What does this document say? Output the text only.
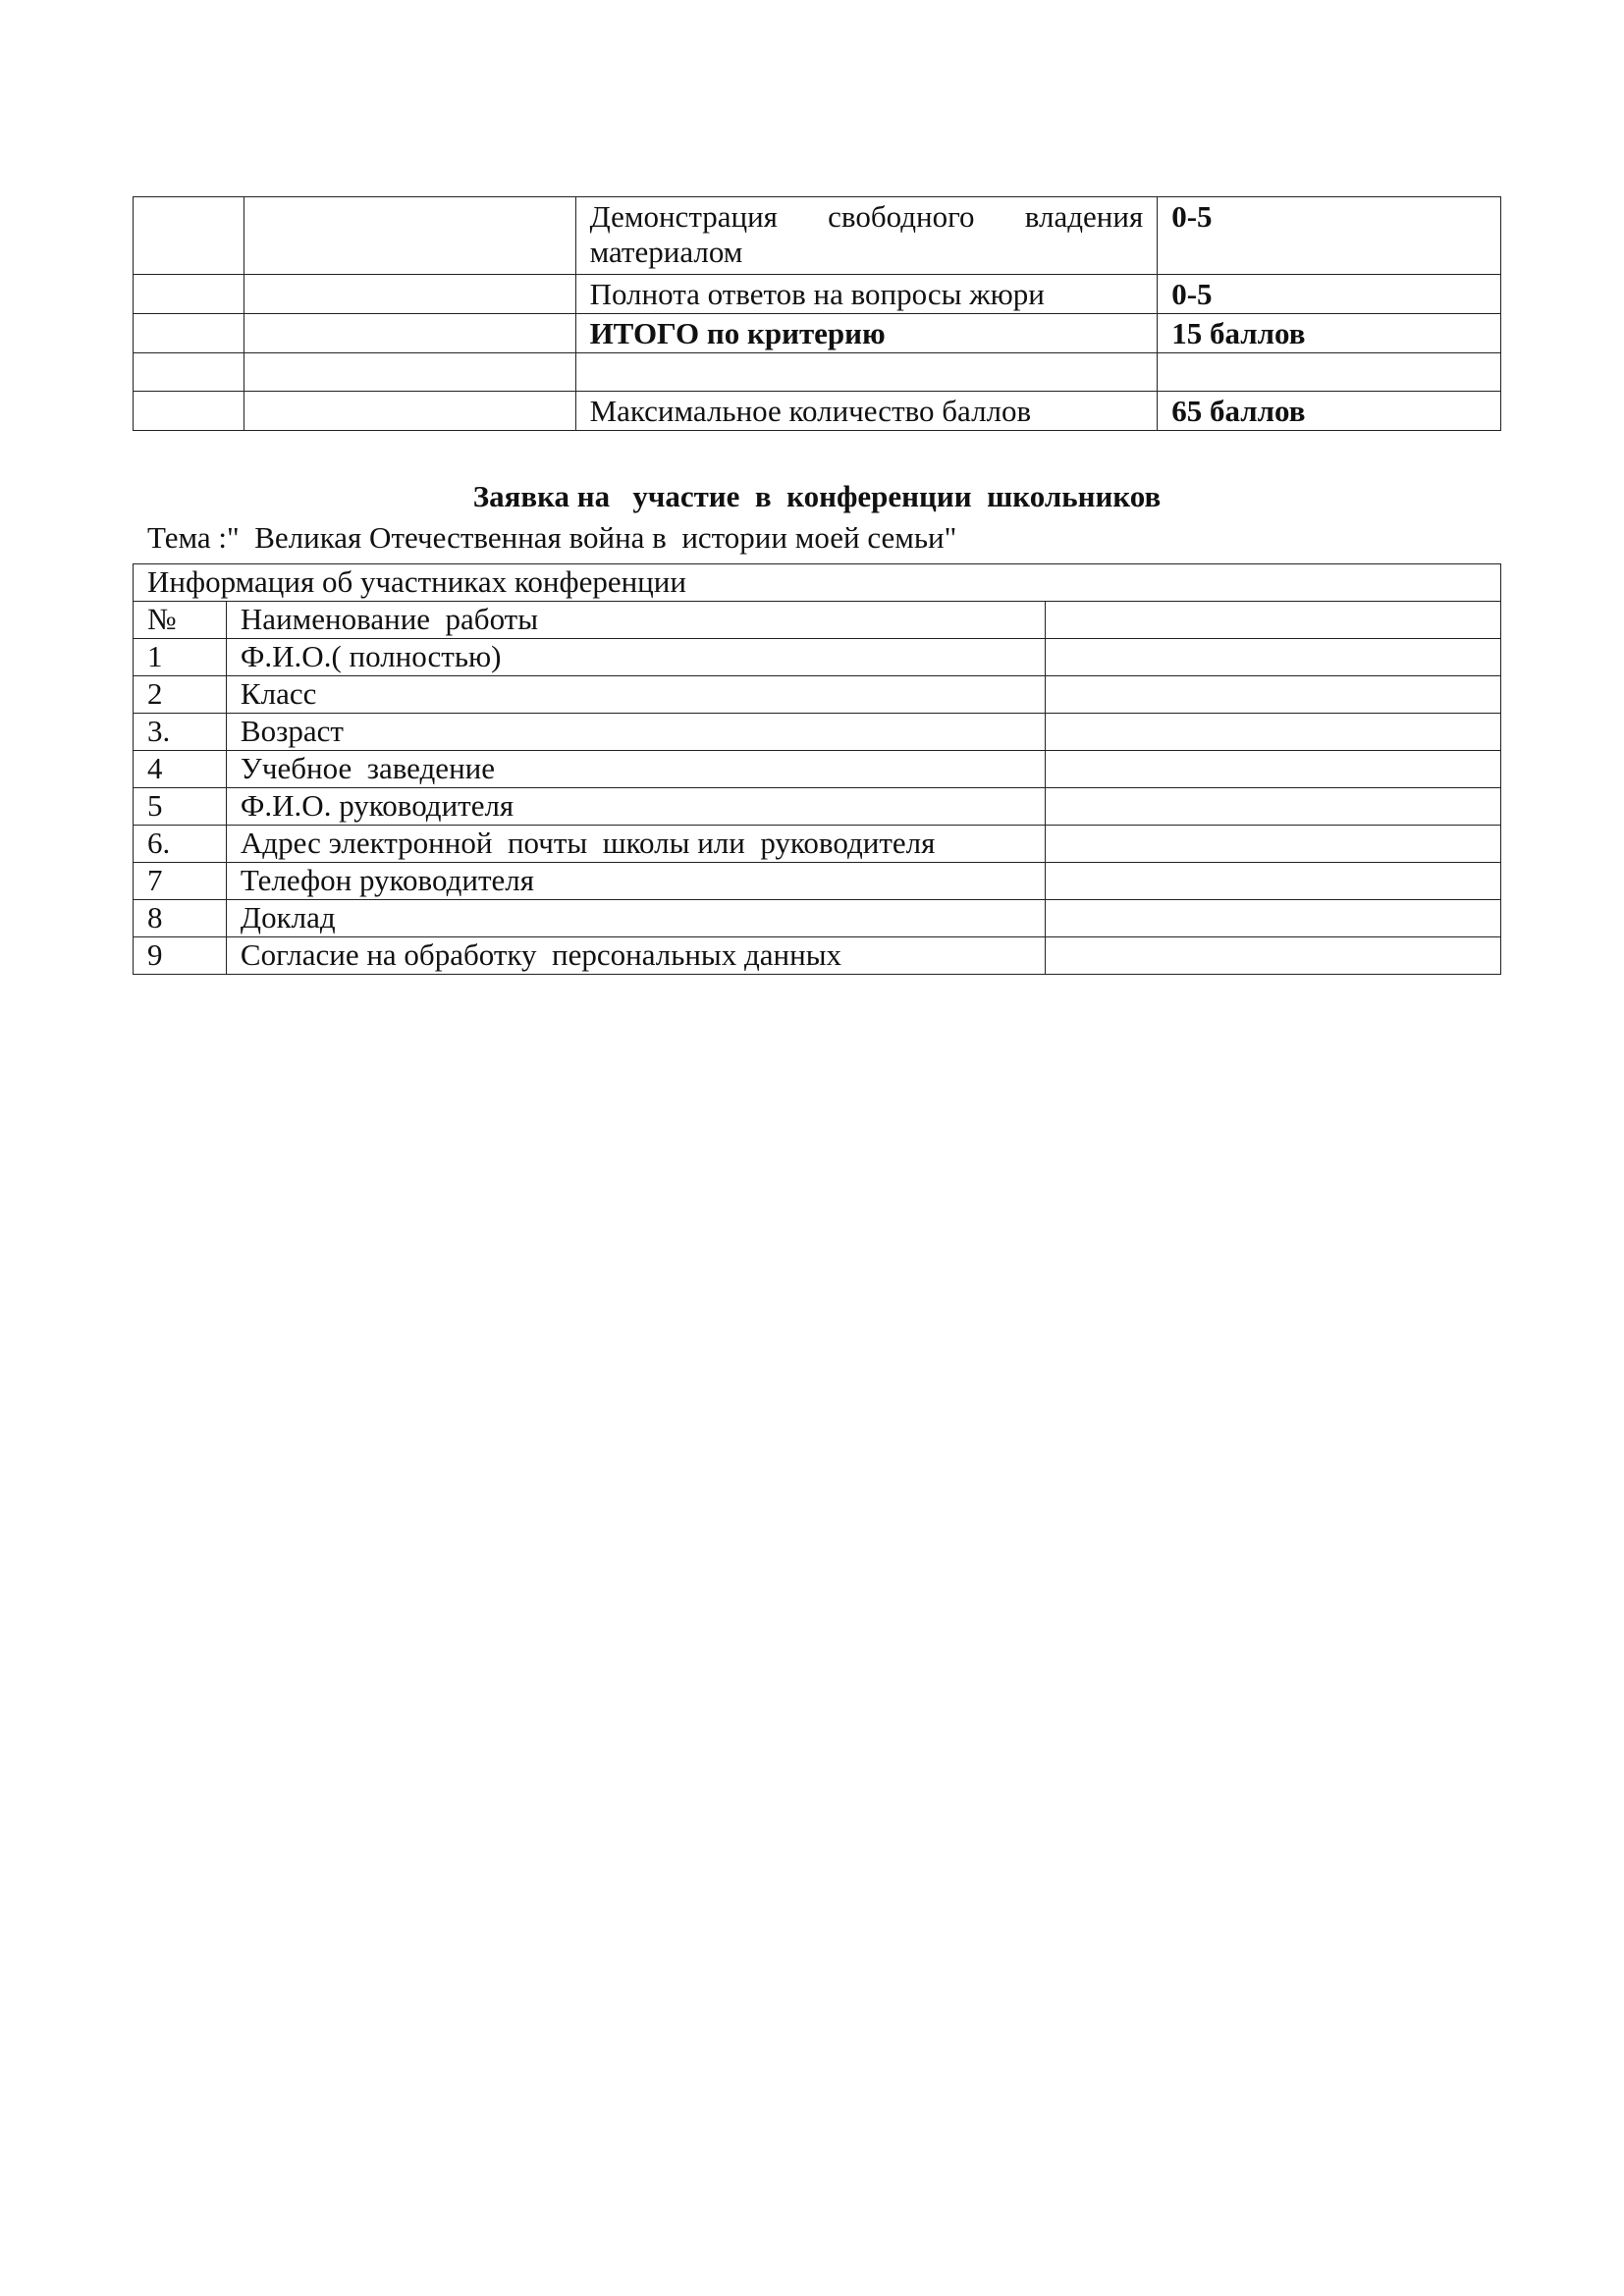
		Демонстрация свободного владения материалом	0-5
		Полнота ответов на вопросы жюри	0-5
		ИТОГО по критерию	15 баллов

		Максимальное количество баллов	65 баллов
Заявка на   участие  в  конференции  школьников
Тема :"  Великая Отечественная война в  истории моей семьи"
Информация об участниках конференции		
№	Наименование  работы	
1	Ф.И.О.( полностью)	
2	Класс	
3.	Возраст	
4	Учебное  заведение	
5	Ф.И.О. руководителя	
6.	Адрес электронной  почты  школы или  руководителя	
7	Телефон руководителя	
8	Доклад	
9	Согласие на обработку  персональных данных	
